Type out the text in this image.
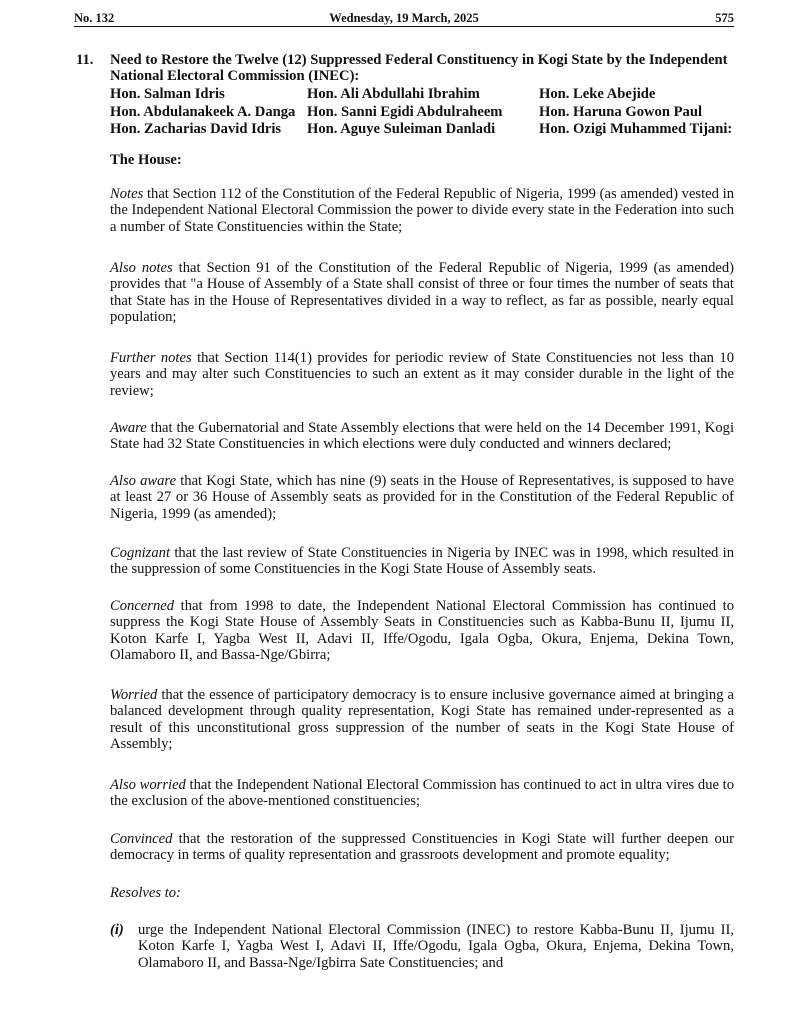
No. 132	Wednesday, 19 March, 2025	575
11. Need to Restore the Twelve (12) Suppressed Federal Constituency in Kogi State by the Independent National Electoral Commission (INEC):
Hon. Salman Idris
Hon. Abdulanakeek A. Danga
Hon. Zacharias David Idris
Hon. Ali Abdullahi Ibrahim
Hon. Sanni Egidi Abdulraheem
Hon. Aguye Suleiman Danladi
Hon. Leke Abejide
Hon. Haruna Gowon Paul
Hon. Ozigi Muhammed Tijani:
The House:
Notes that Section 112 of the Constitution of the Federal Republic of Nigeria, 1999 (as amended) vested in the Independent National Electoral Commission the power to divide every state in the Federation into such a number of State Constituencies within the State;
Also notes that Section 91 of the Constitution of the Federal Republic of Nigeria, 1999 (as amended) provides that "a House of Assembly of a State shall consist of three or four times the number of seats that that State has in the House of Representatives divided in a way to reflect, as far as possible, nearly equal population;
Further notes that Section 114(1) provides for periodic review of State Constituencies not less than 10 years and may alter such Constituencies to such an extent as it may consider durable in the light of the review;
Aware that the Gubernatorial and State Assembly elections that were held on the 14 December 1991, Kogi State had 32 State Constituencies in which elections were duly conducted and winners declared;
Also aware that Kogi State, which has nine (9) seats in the House of Representatives, is supposed to have at least 27 or 36 House of Assembly seats as provided for in the Constitution of the Federal Republic of Nigeria, 1999 (as amended);
Cognizant that the last review of State Constituencies in Nigeria by INEC was in 1998, which resulted in the suppression of some Constituencies in the Kogi State House of Assembly seats.
Concerned that from 1998 to date, the Independent National Electoral Commission has continued to suppress the Kogi State House of Assembly Seats in Constituencies such as Kabba-Bunu II, Ijumu II, Koton Karfe I, Yagba West II, Adavi II, Iffe/Ogodu, Igala Ogba, Okura, Enjema, Dekina Town, Olamaboro II, and Bassa-Nge/Gbirra;
Worried that the essence of participatory democracy is to ensure inclusive governance aimed at bringing a balanced development through quality representation, Kogi State has remained under-represented as a result of this unconstitutional gross suppression of the number of seats in the Kogi State House of Assembly;
Also worried that the Independent National Electoral Commission has continued to act in ultra vires due to the exclusion of the above-mentioned constituencies;
Convinced that the restoration of the suppressed Constituencies in Kogi State will further deepen our democracy in terms of quality representation and grassroots development and promote equality;
Resolves to:
(i) urge the Independent National Electoral Commission (INEC) to restore Kabba-Bunu II, Ijumu II, Koton Karfe I, Yagba West I, Adavi II, Iffe/Ogodu, Igala Ogba, Okura, Enjema, Dekina Town, Olamaboro II, and Bassa-Nge/Igbirra Sate Constituencies; and
